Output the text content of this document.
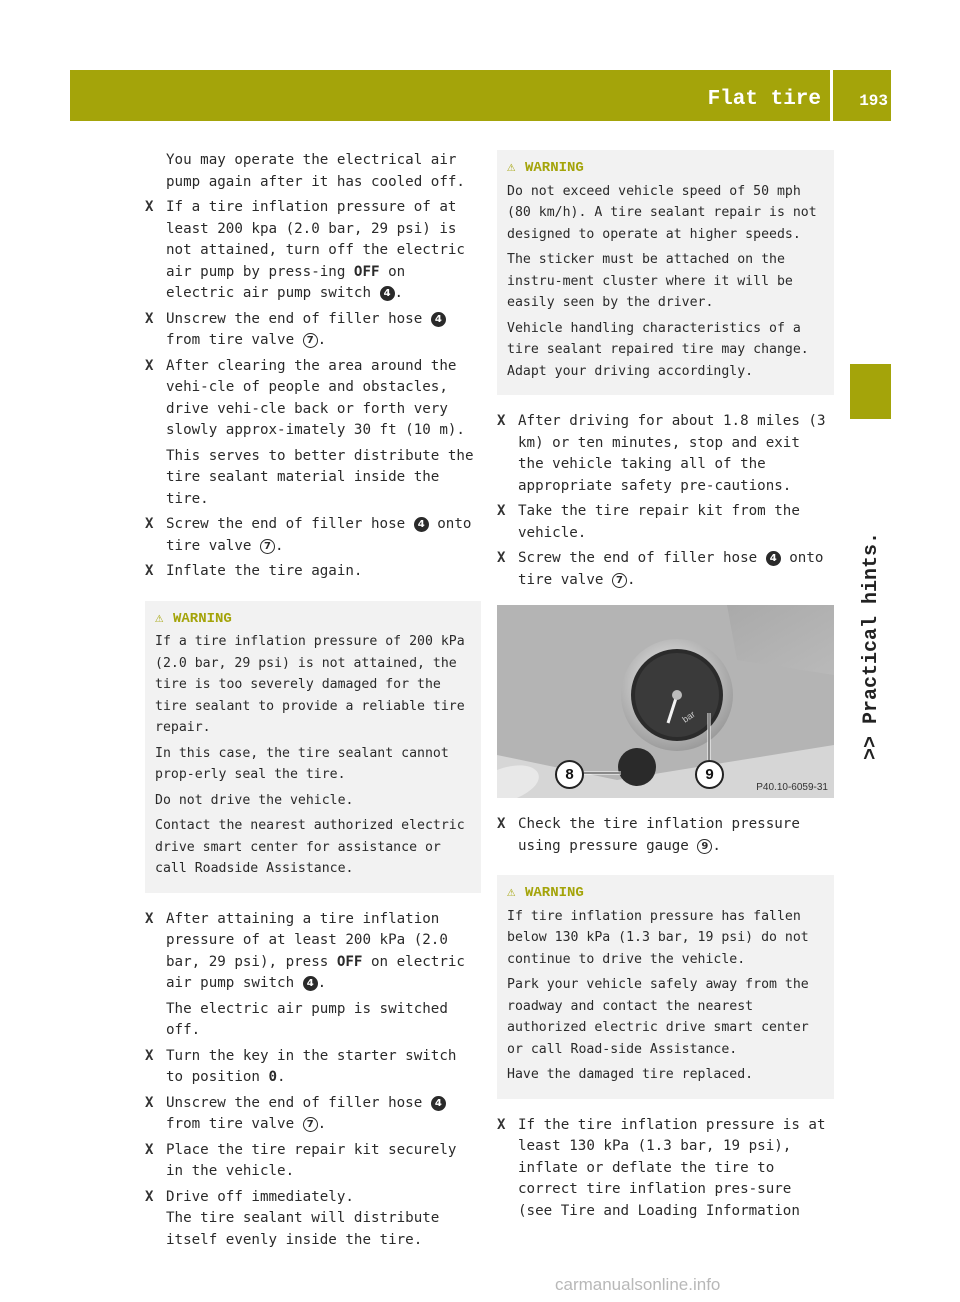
Flat tire 193
>> Practical hints.

You may operate the electrical air pump again after it has cooled off.

X If a tire inflation pressure of at least 200 kpa (2.0 bar, 29 psi) is not attained, turn off the electric air pump by press-ing OFF on electric air pump switch 4 .
X Unscrew the end of filler hose 4 from tire valve 7 .
X After clearing the area around the vehi-cle of people and obstacles, drive vehi-cle back or forth very slowly approx-imately 30 ft (10 m).

This serves to better distribute the tire sealant material inside the tire.

X Screw the end of filler hose 4 onto tire valve 7 .
X Inflate the tire again.
⚠ WARNING

If a tire inflation pressure of 200 kPa (2.0 bar, 29 psi) is not attained, the tire is too severely damaged for the tire sealant to provide a reliable tire repair.

In this case, the tire sealant cannot prop-erly seal the tire.

Do not drive the vehicle.

Contact the nearest authorized electric drive smart center for assistance or call Roadside Assistance.

X After attaining a tire inflation pressure of at least 200 kPa (2.0 bar, 29 psi), press OFF on electric air pump switch 4 .

The electric air pump is switched off.

X Turn the key in the starter switch to position 0.
X Unscrew the end of filler hose 4 from tire valve 7 .
X Place the tire repair kit securely in the vehicle.
X Drive off immediately.
The tire sealant will distribute itself evenly inside the tire.
⚠ WARNING

Do not exceed vehicle speed of 50 mph (80 km/h). A tire sealant repair is not designed to operate at higher speeds.

The sticker must be attached on the instru-ment cluster where it will be easily seen by the driver.

Vehicle handling characteristics of a tire sealant repaired tire may change. Adapt your driving accordingly.

X After driving for about 1.8 miles (3 km) or ten minutes, stop and exit the vehicle taking all of the appropriate safety pre-cautions.
X Take the tire repair kit from the vehicle.
X Screw the end of filler hose 4 onto tire valve 7 .
bar
8	9
P40.10-6059-31
X Check the tire inflation pressure using pressure gauge 9 .
⚠ WARNING

If tire inflation pressure has fallen below 130 kPa (1.3 bar, 19 psi) do not continue to drive the vehicle.

Park your vehicle safely away from the roadway and contact the nearest authorized electric drive smart center or call Road-side Assistance.

Have the damaged tire replaced.

X If the tire inflation pressure is at least 130 kPa (1.3 bar, 19 psi), inflate or deflate the tire to correct tire inflation pres-sure (see Tire and Loading Information
carmanualsonline.info
